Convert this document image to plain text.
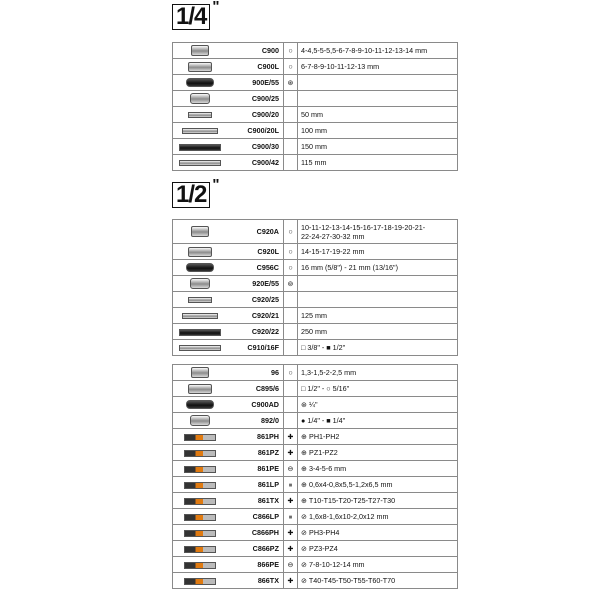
1/4 "
	C900	○	4-4,5-5-5,5-6-7-8-9-10-11-12-13-14 mm

	C900L	○	6-7-8-9-10-11-12-13 mm

	900E/55	⊛	

	C900/25		

	C900/20		50 mm

	C900/20L		100 mm

	C900/30		150 mm

	C900/42		115 mm
1/2 "
	C920A	○	10-11-12-13-14-15-16-17-18-19-20-21-
22-24-27-30-32 mm

	C920L	○	14-15-17-19-22 mm

	C956C	○	16 mm (5/8") - 21 mm (13/16")

	920E/55	⊚	

	C920/25		

	C920/21		125 mm

	C920/22		250 mm

	C910/16F		□ 3/8" - ■ 1/2"
	96	○	1,3-1,5-2-2,5 mm

	C895/6		□ 1/2" - ○ 5/16"

	C900AD		⊛ ¼"

	892/0		● 1/4" - ■ 1/4"

	861PH	✚	⊕ PH1-PH2

	861PZ	✚	⊕ PZ1-PZ2

	861PE	⊖	⊕ 3-4-5-6 mm

	861LP	⏸	⊕ 0,6x4-0,8x5,5-1,2x6,5 mm

	861TX	✚	⊕ T10-T15-T20-T25-T27-T30

	C866LP	⏸	⊘ 1,6x8-1,6x10-2,0x12 mm

	C866PH	✚	⊘ PH3-PH4

	C866PZ	✚	⊘ PZ3-PZ4

	866PE	⊖	⊘ 7-8-10-12-14 mm

	866TX	✚	⊘ T40-T45-T50-T55-T60-T70
